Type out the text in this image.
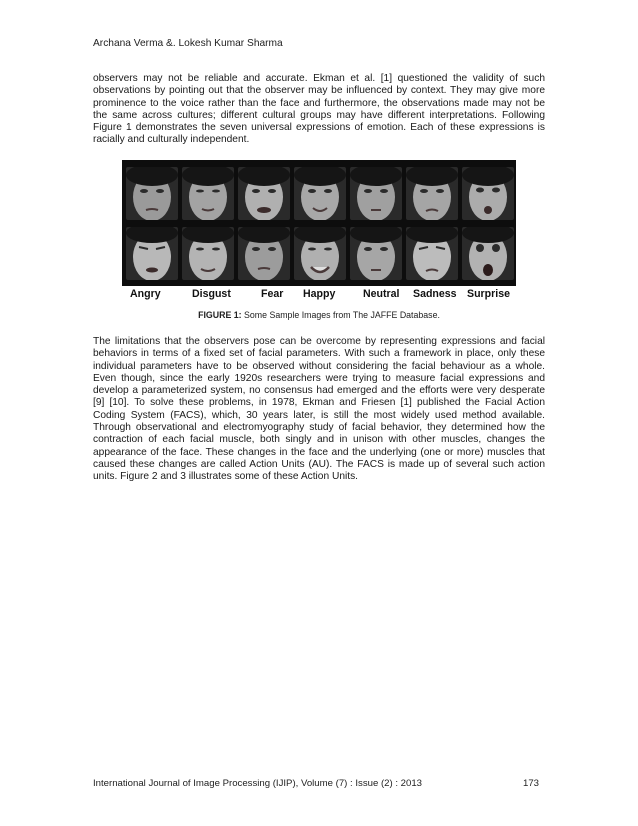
Archana Verma &. Lokesh Kumar Sharma

observers may not be reliable and accurate. Ekman et al. [1] questioned the validity of such observations by pointing out that the observer may be influenced by context. They may give more prominence to the voice rather than the face and furthermore, the observations made may not be the same across cultures; different cultural groups may have different interpretations. Following Figure 1 demonstrates the seven universal expressions of emotion. Each of these expressions is racially and culturally independent.

Angry	Disgust	Fear Happy	Neutral Sadness Surprise
FIGURE 1: Some Sample Images from The JAFFE Database.

The limitations that the observers pose can be overcome by representing expressions and facial behaviors in terms of a fixed set of facial parameters. With such a framework in place, only these individual parameters have to be observed without considering the facial behaviour as a whole. Even though, since the early 1920s researchers were trying to measure facial expressions and develop a parameterized system, no consensus had emerged and the efforts were very desperate [9] [10]. To solve these problems, in 1978, Ekman and Friesen [1] published the Facial Action Coding System (FACS), which, 30 years later, is still the most widely used method available. Through observational and electromyography study of facial behavior, they determined how the contraction of each facial muscle, both singly and in unison with other muscles, changes the appearance of the face. These changes in the face and the underlying (one or more) muscles that caused these changes are called Action Units (AU). The FACS is made up of several such action units. Figure 2 and 3 illustrates some of these Action Units.

International Journal of Image Processing (IJIP), Volume (7) : Issue (2) : 2013	173
